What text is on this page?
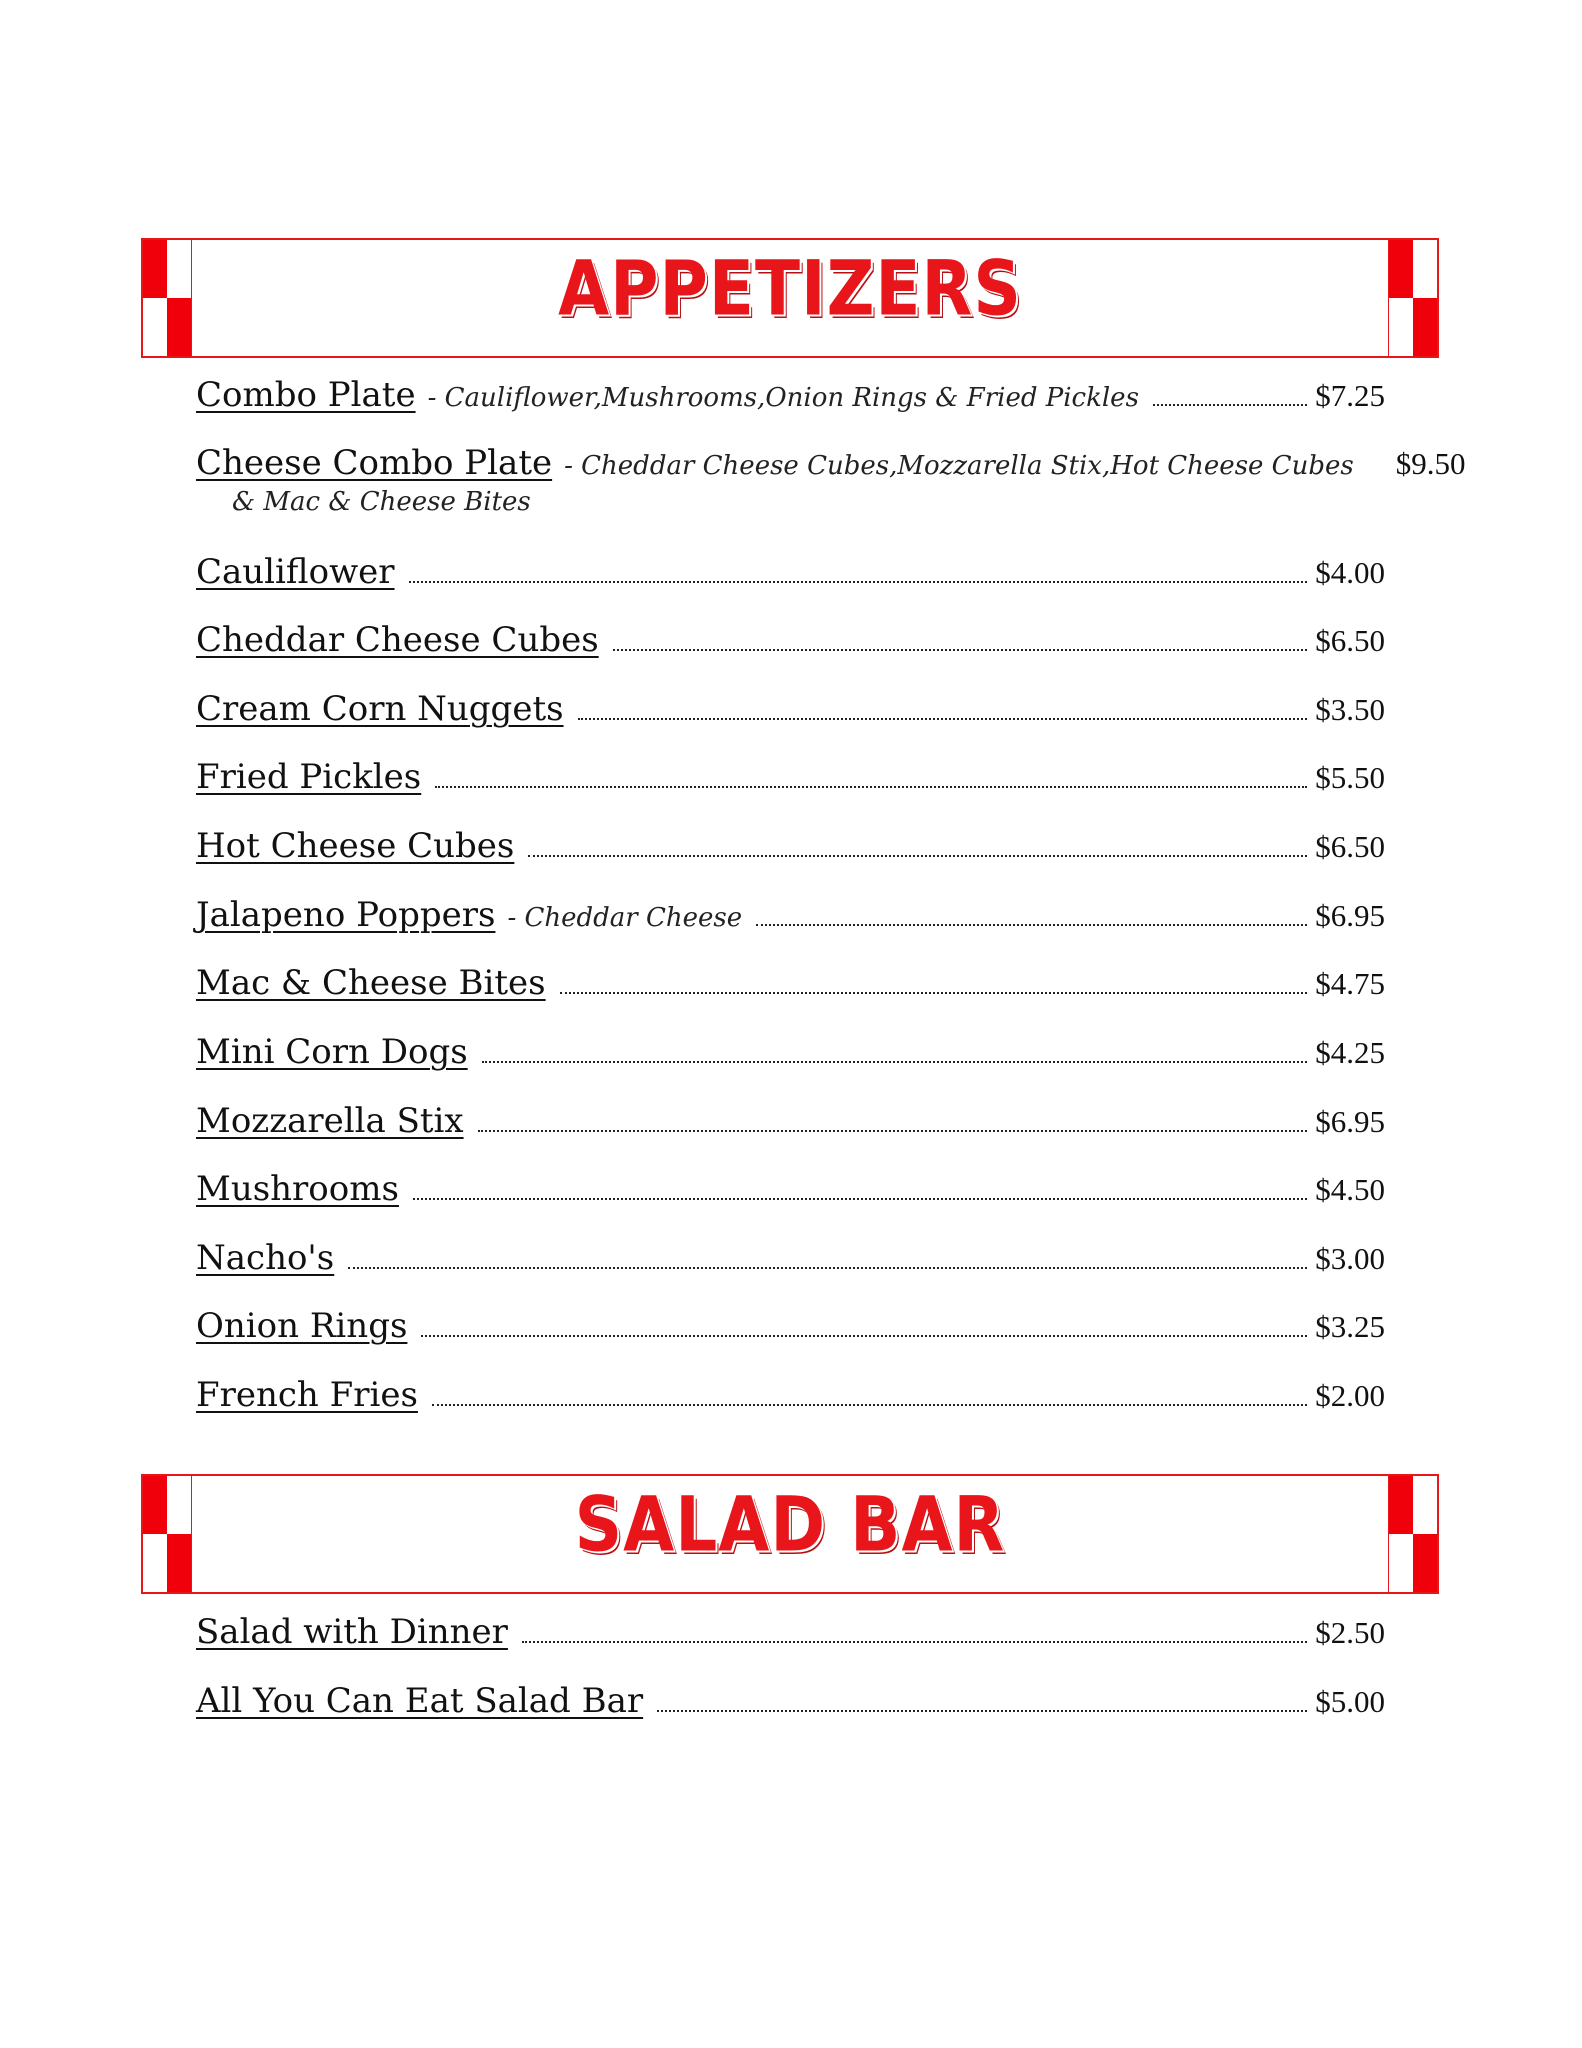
APPETIZERS
Combo Plate - Cauliflower,Mushrooms,Onion Rings & Fried Pickles	$7.25
Cheese Combo Plate - Cheddar Cheese Cubes,Mozzarella Stix,Hot Cheese Cubes $9.50
& Mac & Cheese Bites
Cauliflower	$4.00
Cheddar Cheese Cubes	$6.50
Cream Corn Nuggets	$3.50
Fried Pickles	$5.50
Hot Cheese Cubes	$6.50
Jalapeno Poppers - Cheddar Cheese	$6.95
Mac & Cheese Bites	$4.75
Mini Corn Dogs	$4.25
Mozzarella Stix	$6.95
Mushrooms	$4.50
Nacho's	$3.00
Onion Rings	$3.25
French Fries	$2.00
SALAD BAR
Salad with Dinner	$2.50
All You Can Eat Salad Bar	$5.00
